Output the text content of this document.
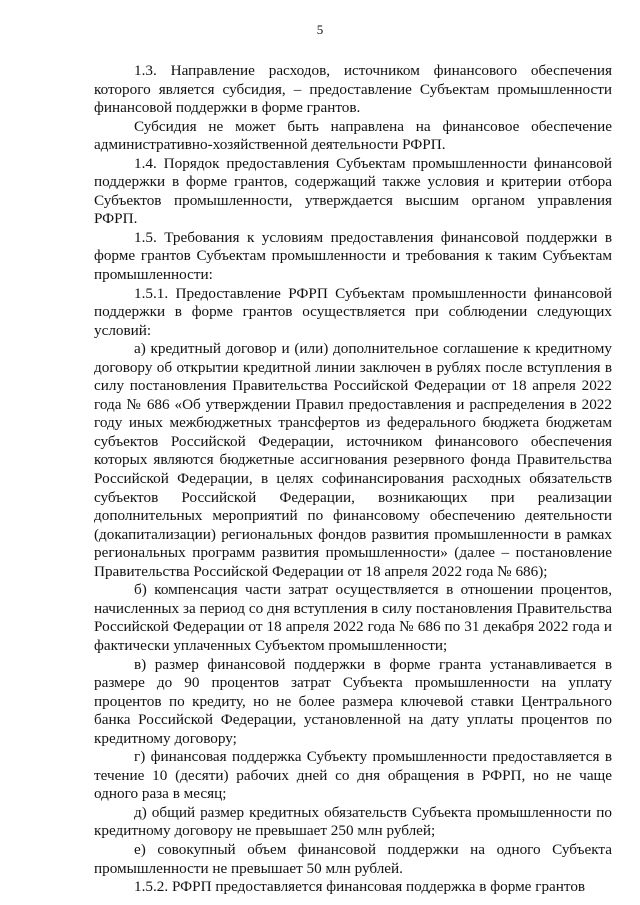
5

1.3. Направление расходов, источником финансового обеспечения которого является субсидия, – предоставление Субъектам промышленности финансовой поддержки в форме грантов.

Субсидия не может быть направлена на финансовое обеспечение административно-хозяйственной деятельности РФРП.

1.4. Порядок предоставления Субъектам промышленности финансовой поддержки в форме грантов, содержащий также условия и критерии отбора Субъектов промышленности, утверждается высшим органом управления РФРП.

1.5. Требования к условиям предоставления финансовой поддержки в форме грантов Субъектам промышленности и требования к таким Субъектам промышленности:

1.5.1. Предоставление РФРП Субъектам промышленности финансовой поддержки в форме грантов осуществляется при соблюдении следующих условий:

а) кредитный договор и (или) дополнительное соглашение к кредитному договору об открытии кредитной линии заключен в рублях после вступления в силу постановления Правительства Российской Федерации от 18 апреля 2022 года № 686 «Об утверждении Правил предоставления и распределения в 2022 году иных межбюджетных трансфертов из федерального бюджета бюджетам субъектов Российской Федерации, источником финансового обеспечения которых являются бюджетные ассигнования резервного фонда Правительства Российской Федерации, в целях софинансирования расходных обязательств субъектов Российской Федерации, возникающих при реализации дополнительных мероприятий по финансовому обеспечению деятельности (докапитализации) региональных фондов развития промышленности в рамках региональных программ развития промышленности» (далее – постановление Правительства Российской Федерации от 18 апреля 2022 года № 686);

б) компенсация части затрат осуществляется в отношении процентов, начисленных за период со дня вступления в силу постановления Правительства Российской Федерации от 18 апреля 2022 года № 686 по 31 декабря 2022 года и фактически уплаченных Субъектом промышленности;

в) размер финансовой поддержки в форме гранта устанавливается в размере до 90 процентов затрат Субъекта промышленности на уплату процентов по кредиту, но не более размера ключевой ставки Центрального банка Российской Федерации, установленной на дату уплаты процентов по кредитному договору;

г) финансовая поддержка Субъекту промышленности предоставляется в течение 10 (десяти) рабочих дней со дня обращения в РФРП, но не чаще одного раза в месяц;

д) общий размер кредитных обязательств Субъекта промышленности по кредитному договору не превышает 250 млн рублей;

е) совокупный объем финансовой поддержки на одного Субъекта промышленности не превышает 50 млн рублей.

1.5.2. РФРП предоставляется финансовая поддержка в форме грантов
